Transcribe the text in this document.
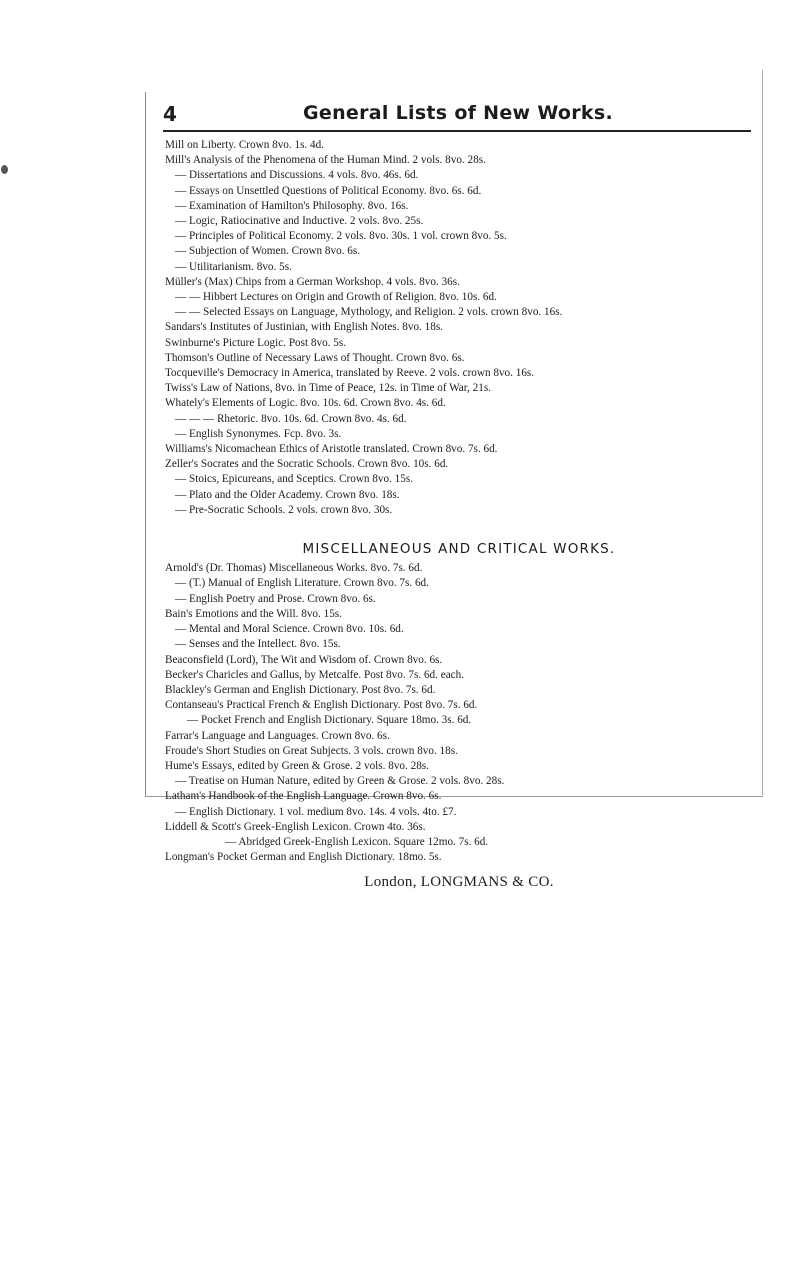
4	General Lists of New Works.
Mill on Liberty. Crown 8vo. 1s. 4d.
Mill's Analysis of the Phenomena of the Human Mind. 2 vols. 8vo. 28s.
— Dissertations and Discussions. 4 vols. 8vo. 46s. 6d.
— Essays on Unsettled Questions of Political Economy. 8vo. 6s. 6d.
— Examination of Hamilton's Philosophy. 8vo. 16s.
— Logic, Ratiocinative and Inductive. 2 vols. 8vo. 25s.
— Principles of Political Economy. 2 vols. 8vo. 30s. 1 vol. crown 8vo. 5s.
— Subjection of Women. Crown 8vo. 6s.
— Utilitarianism. 8vo. 5s.
Müller's (Max) Chips from a German Workshop. 4 vols. 8vo. 36s.
— — Hibbert Lectures on Origin and Growth of Religion. 8vo. 10s. 6d.
— — Selected Essays on Language, Mythology, and Religion. 2 vols. crown 8vo. 16s.
Sandars's Institutes of Justinian, with English Notes. 8vo. 18s.
Swinburne's Picture Logic. Post 8vo. 5s.
Thomson's Outline of Necessary Laws of Thought. Crown 8vo. 6s.
Tocqueville's Democracy in America, translated by Reeve. 2 vols. crown 8vo. 16s.
Twiss's Law of Nations, 8vo. in Time of Peace, 12s. in Time of War, 21s.
Whately's Elements of Logic. 8vo. 10s. 6d. Crown 8vo. 4s. 6d.
— — — Rhetoric. 8vo. 10s. 6d. Crown 8vo. 4s. 6d.
— English Synonymes. Fcp. 8vo. 3s.
Williams's Nicomachean Ethics of Aristotle translated. Crown 8vo. 7s. 6d.
Zeller's Socrates and the Socratic Schools. Crown 8vo. 10s. 6d.
— Stoics, Epicureans, and Sceptics. Crown 8vo. 15s.
— Plato and the Older Academy. Crown 8vo. 18s.
— Pre-Socratic Schools. 2 vols. crown 8vo. 30s.
MISCELLANEOUS AND CRITICAL WORKS.
Arnold's (Dr. Thomas) Miscellaneous Works. 8vo. 7s. 6d.
— (T.) Manual of English Literature. Crown 8vo. 7s. 6d.
— English Poetry and Prose. Crown 8vo. 6s.
Bain's Emotions and the Will. 8vo. 15s.
— Mental and Moral Science. Crown 8vo. 10s. 6d.
— Senses and the Intellect. 8vo. 15s.
Beaconsfield (Lord), The Wit and Wisdom of. Crown 8vo. 6s.
Becker's Charicles and Gallus, by Metcalfe. Post 8vo. 7s. 6d. each.
Blackley's German and English Dictionary. Post 8vo. 7s. 6d.
Contanseau's Practical French & English Dictionary. Post 8vo. 7s. 6d.
— Pocket French and English Dictionary. Square 18mo. 3s. 6d.
Farrar's Language and Languages. Crown 8vo. 6s.
Froude's Short Studies on Great Subjects. 3 vols. crown 8vo. 18s.
Hume's Essays, edited by Green & Grose. 2 vols. 8vo. 28s.
— Treatise on Human Nature, edited by Green & Grose. 2 vols. 8vo. 28s.
Latham's Handbook of the English Language. Crown 8vo. 6s.
— English Dictionary. 1 vol. medium 8vo. 14s. 4 vols. 4to. £7.
Liddell & Scott's Greek-English Lexicon. Crown 4to. 36s.
— Abridged Greek-English Lexicon. Square 12mo. 7s. 6d.
Longman's Pocket German and English Dictionary. 18mo. 5s.
London, LONGMANS & CO.
